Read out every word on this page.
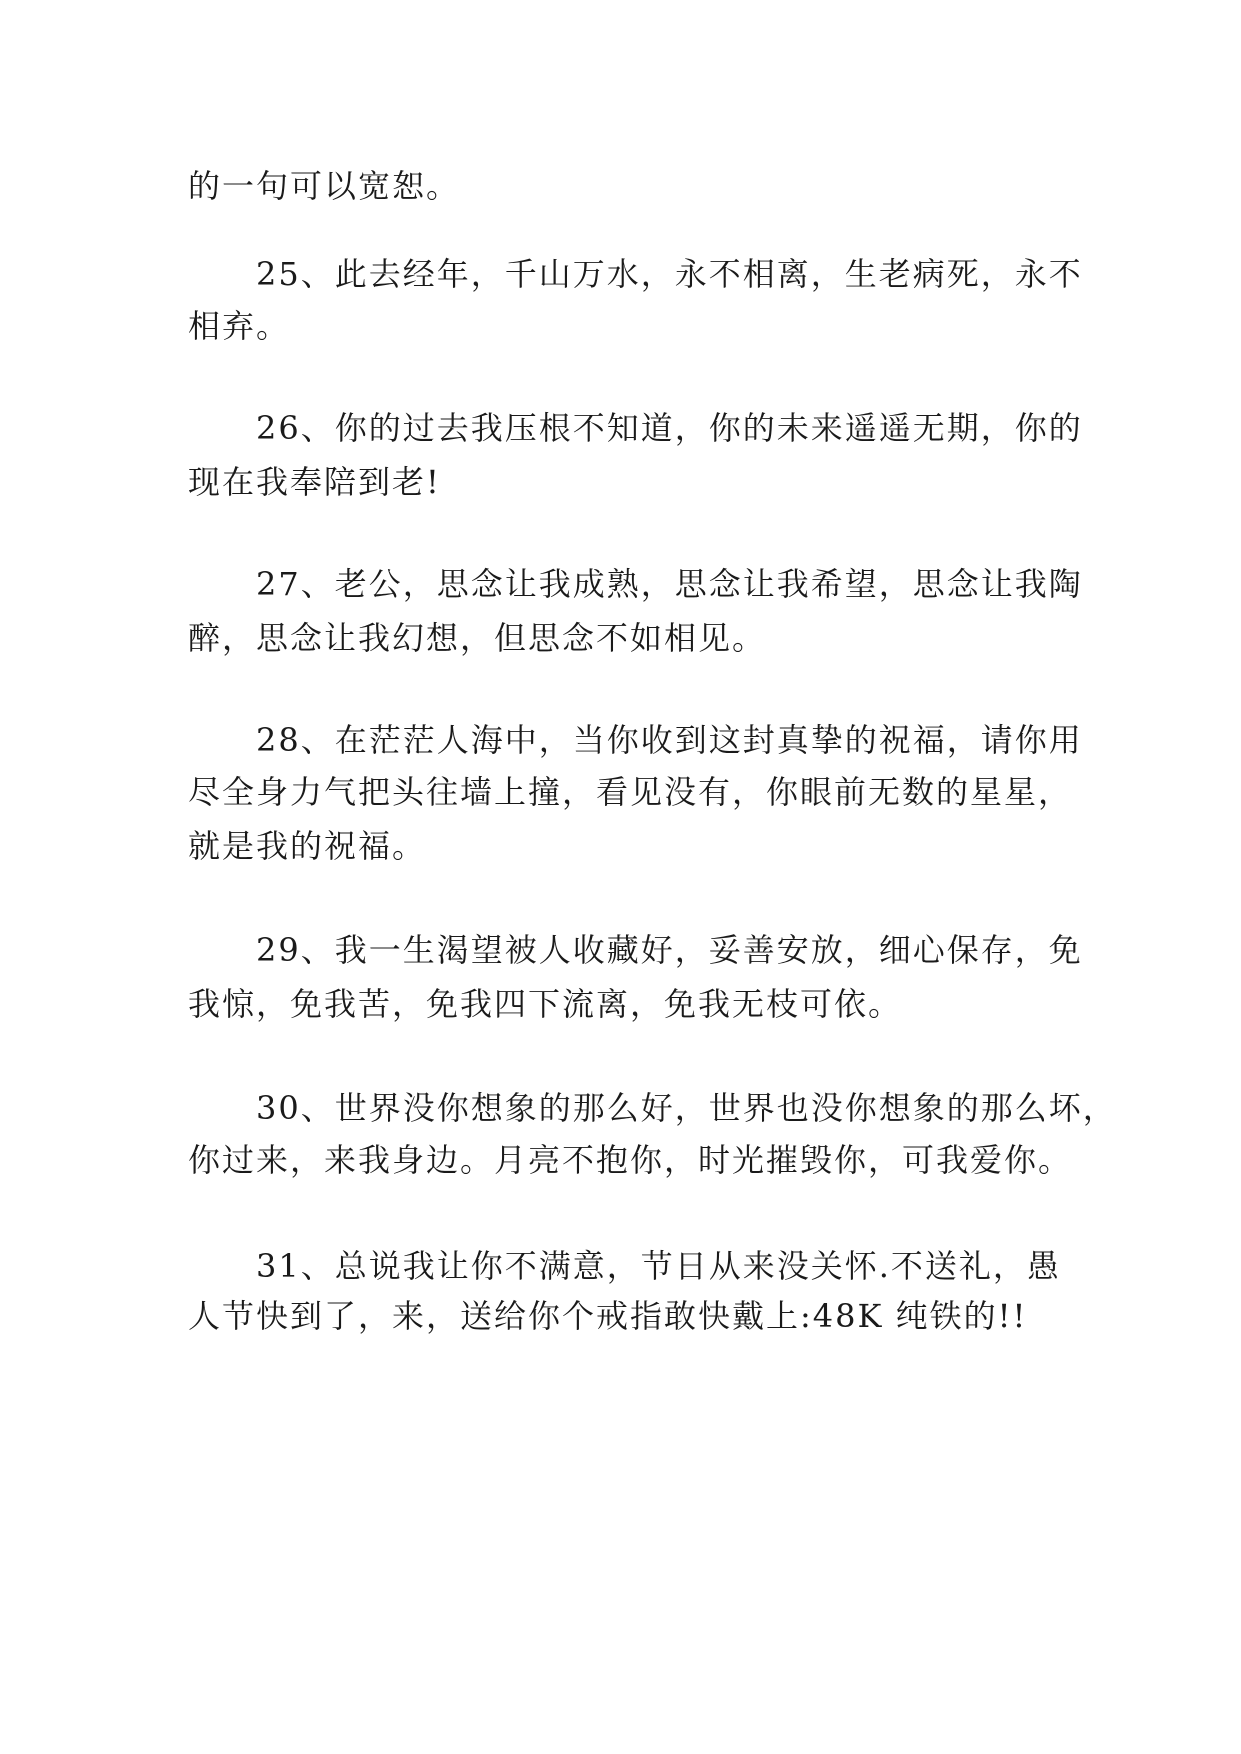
的一句可以宽恕。
25、此去经年，千山万水，永不相离，生老病死，永不
相弃。
26、你的过去我压根不知道，你的未来遥遥无期，你的
现在我奉陪到老!
27、老公，思念让我成熟，思念让我希望，思念让我陶
醉，思念让我幻想，但思念不如相见。
28、在茫茫人海中，当你收到这封真挚的祝福，请你用
尽全身力气把头往墙上撞，看见没有，你眼前无数的星星，
就是我的祝福。
29、我一生渴望被人收藏好，妥善安放，细心保存，免
我惊，免我苦，免我四下流离，免我无枝可依。
30、世界没你想象的那么好，世界也没你想象的那么坏，
你过来，来我身边。月亮不抱你，时光摧毁你，可我爱你。
31、总说我让你不满意，节日从来没关怀.不送礼，愚
人节快到了，来，送给你个戒指敢快戴上:48K 纯铁的!!
